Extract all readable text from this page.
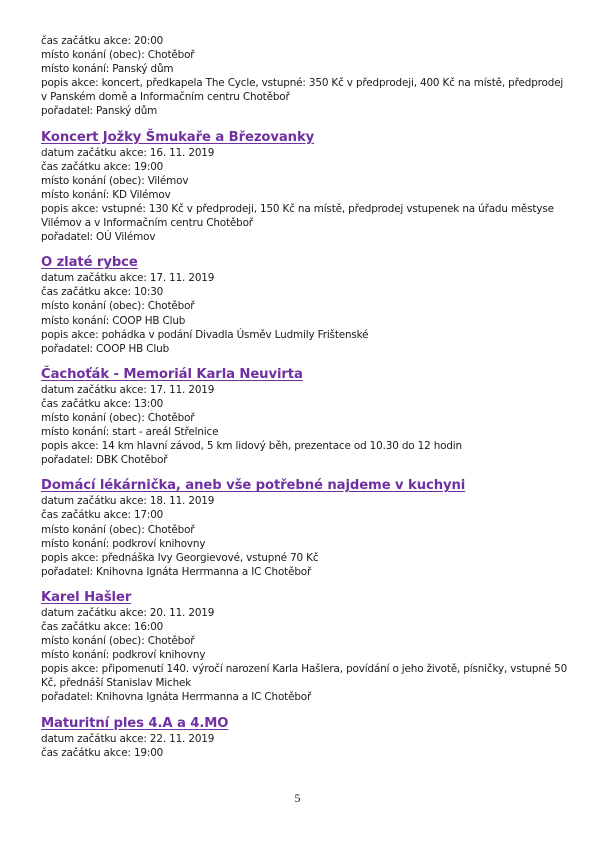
čas začátku akce: 20:00
místo konání (obec): Chotěboř
místo konání: Panský dům
popis akce: koncert, předkapela The Cycle, vstupné: 350 Kč v předprodeji, 400 Kč na místě, předprodej v Panském domě a Informačním centru Chotěboř
pořadatel: Panský dům
Koncert Jožky Šmukaře a Březovanky
datum začátku akce: 16. 11. 2019
čas začátku akce: 19:00
místo konání (obec): Vilémov
místo konání: KD Vilémov
popis akce: vstupné: 130 Kč v předprodeji, 150 Kč na místě, předprodej vstupenek na úřadu městyse Vilémov a v Informačním centru Chotěboř
pořadatel: OÚ Vilémov
O zlaté rybce
datum začátku akce: 17. 11. 2019
čas začátku akce: 10:30
místo konání (obec): Chotěboř
místo konání: COOP HB Club
popis akce: pohádka v podání Divadla Úsměv Ludmily Frištenské
pořadatel: COOP HB Club
Čachoťák - Memoriál Karla Neuvirta
datum začátku akce: 17. 11. 2019
čas začátku akce: 13:00
místo konání (obec): Chotěboř
místo konání: start - areál Střelnice
popis akce: 14 km hlavní závod, 5 km lidový běh, prezentace od 10.30 do 12 hodin
pořadatel: DBK Chotěboř
Domácí lékárnička, aneb vše potřebné najdeme v kuchyni
datum začátku akce: 18. 11. 2019
čas začátku akce: 17:00
místo konání (obec): Chotěboř
místo konání: podkroví knihovny
popis akce: přednáška Ivy Georgievové, vstupné 70 Kč
pořadatel: Knihovna Ignáta Herrmanna a IC Chotěboř
Karel Hašler
datum začátku akce: 20. 11. 2019
čas začátku akce: 16:00
místo konání (obec): Chotěboř
místo konání: podkroví knihovny
popis akce: připomenutí 140. výročí narození Karla Hašlera, povídání o jeho životě, písničky, vstupné 50 Kč, přednáší Stanislav Michek
pořadatel: Knihovna Ignáta Herrmanna a IC Chotěboř
Maturitní ples 4.A a 4.MO
datum začátku akce: 22. 11. 2019
čas začátku akce: 19:00
5
